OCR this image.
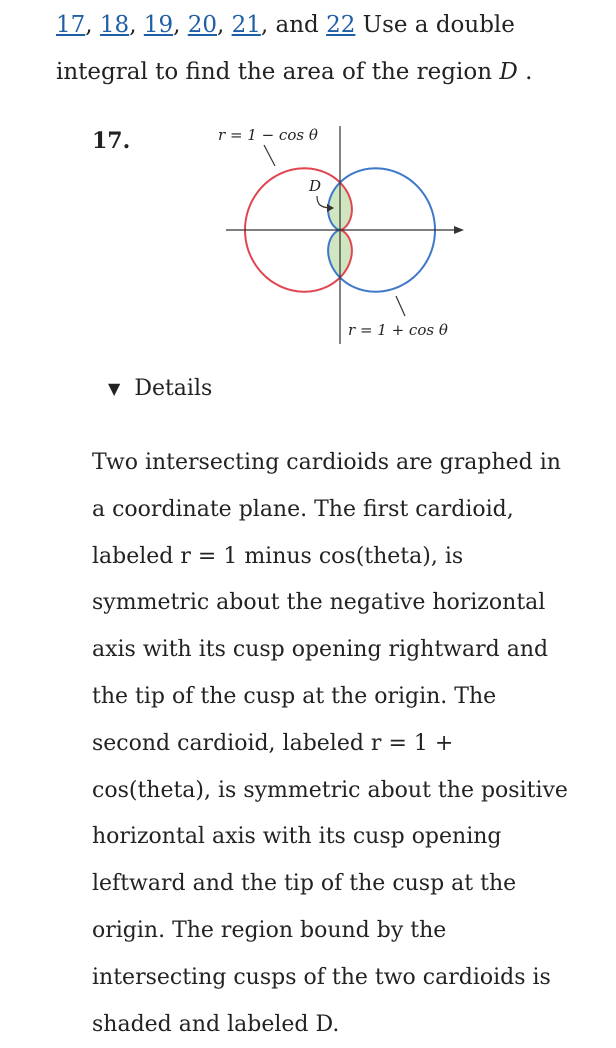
17, 18, 19, 20, 21, and 22 Use a double integral to find the area of the region D .

17.	r = 1 − cos θ
D
r = 1 + cos θ
▼ Details

Two intersecting cardioids are graphed in a coordinate plane. The first cardioid, labeled r = 1 minus cos(theta), is symmetric about the negative horizontal axis with its cusp opening rightward and the tip of the cusp at the origin. The second cardioid, labeled r = 1 + cos(theta), is symmetric about the positive horizontal axis with its cusp opening leftward and the tip of the cusp at the origin. The region bound by the intersecting cusps of the two cardioids is shaded and labeled D.
